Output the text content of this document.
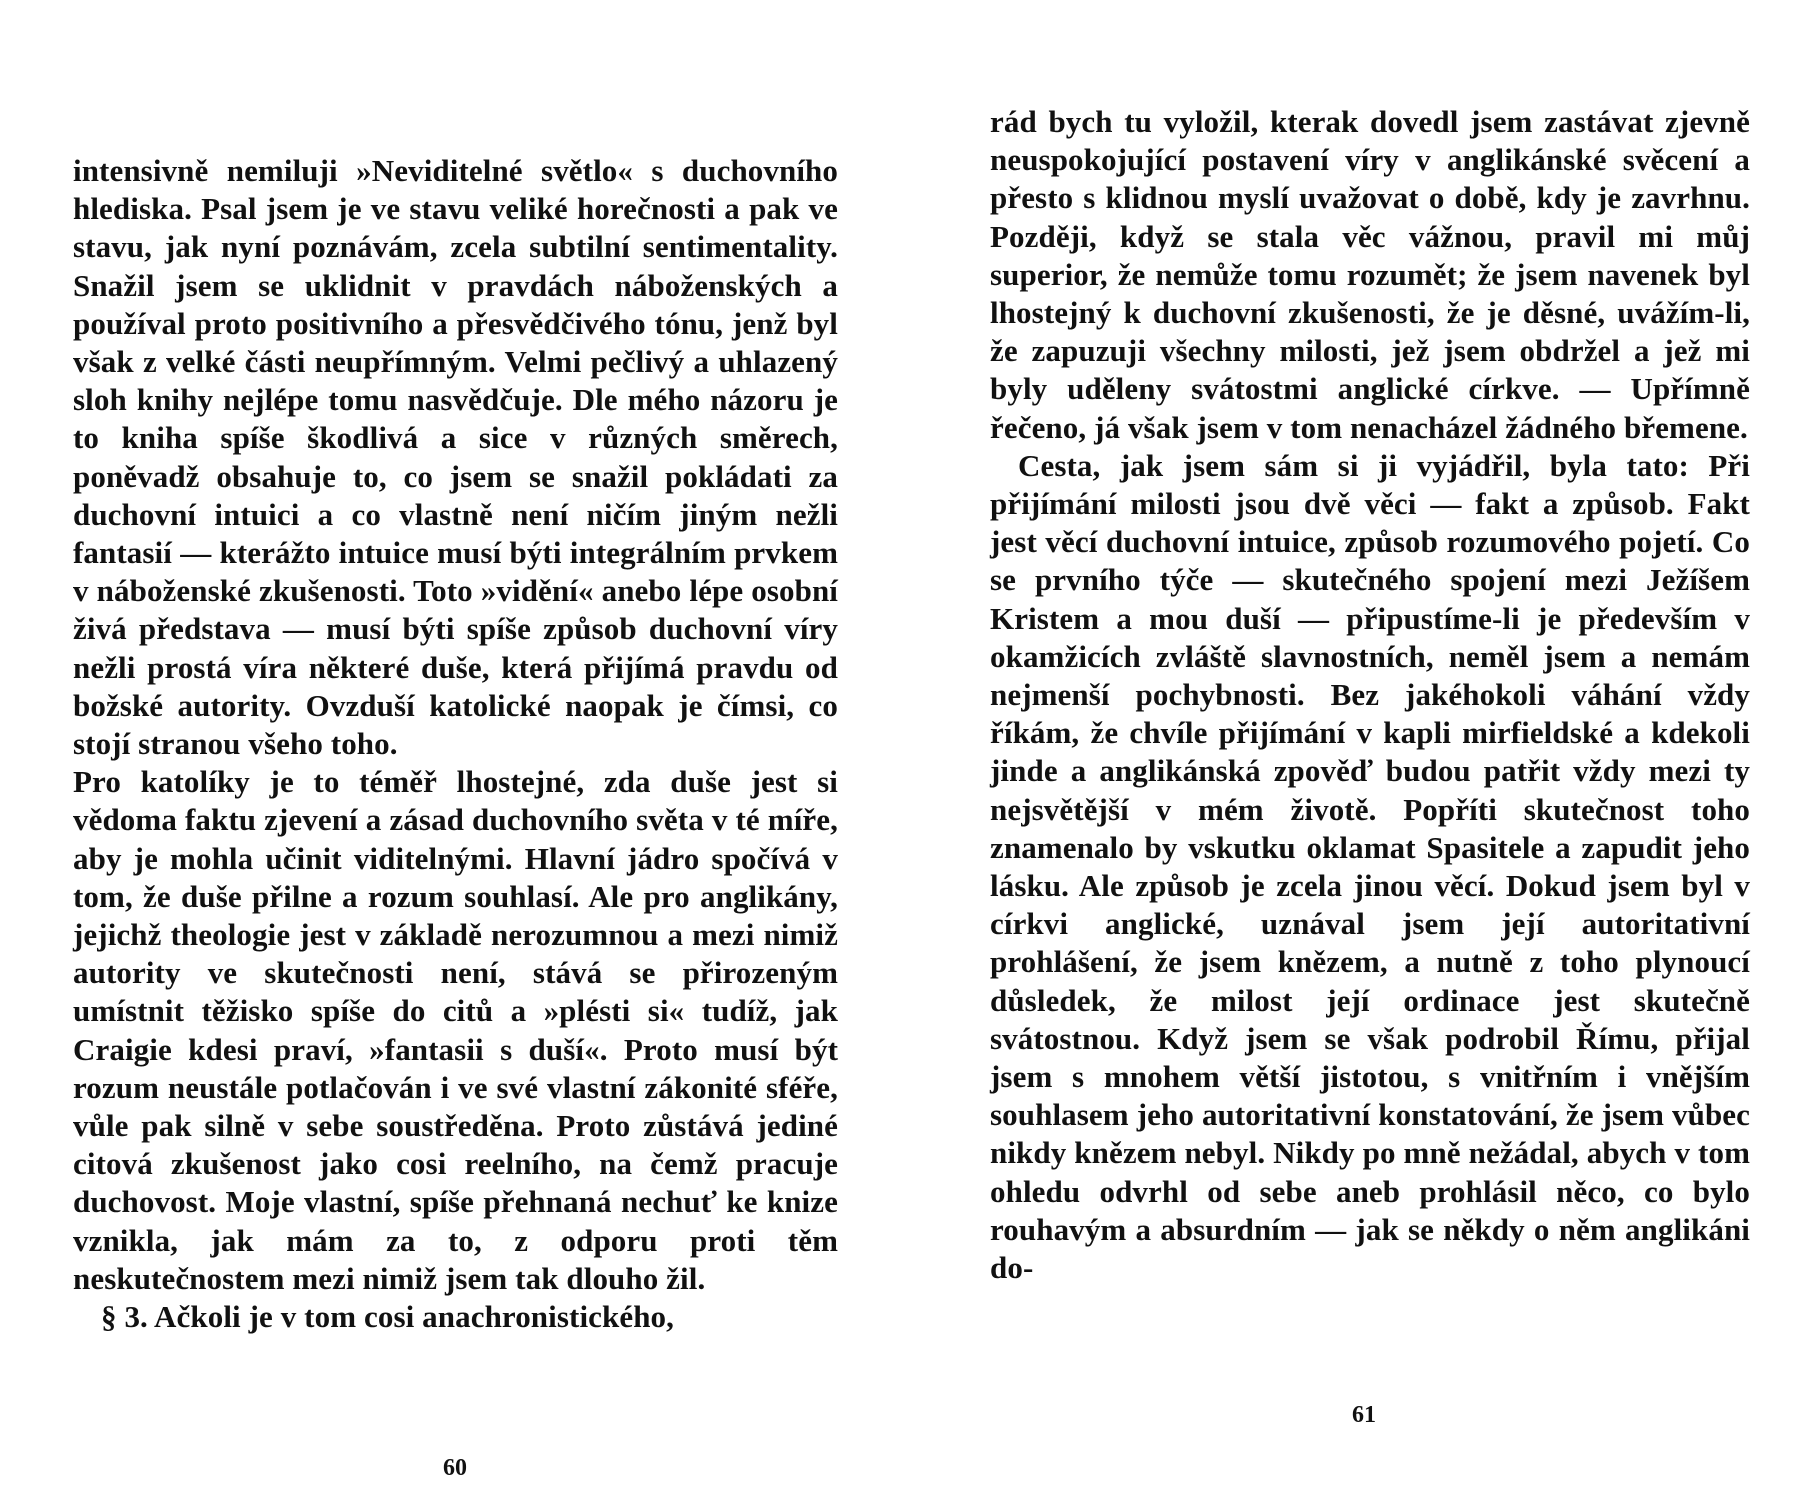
intensivně nemiluji »Neviditelné světlo« s duchovního hlediska. Psal jsem je ve stavu veliké horečnosti a pak ve stavu, jak nyní poznávám, zcela subtilní sentimentality. Snažil jsem se uklidnit v pravdách náboženských a používal proto positivního a přesvědčivého tónu, jenž byl však z velké části neupřímným. Velmi pečlivý a uhlazený sloh knihy nejlépe tomu nasvědčuje. Dle mého názoru je to kniha spíše škodlivá a sice v různých směrech, poněvadž obsahuje to, co jsem se snažil pokládati za duchovní intuici a co vlastně není ničím jiným nežli fantasií — kterážto intuice musí býti integrálním prvkem v náboženské zkušenosti. Toto »vidění« anebo lépe osobní živá představa — musí býti spíše způsob duchovní víry nežli prostá víra některé duše, která přijímá pravdu od božské autority. Ovzduší katolické naopak je čímsi, co stojí stranou všeho toho.

Pro katolíky je to téměř lhostejné, zda duše jest si vědoma faktu zjevení a zásad duchovního světa v té míře, aby je mohla učinit viditelnými. Hlavní jádro spočívá v tom, že duše přilne a rozum souhlasí. Ale pro anglikány, jejichž theologie jest v základě nerozumnou a mezi nimiž autority ve skutečnosti není, stává se přirozeným umístnit těžisko spíše do citů a »plésti si« tudíž, jak Craigie kdesi praví, »fantasii s duší«. Proto musí být rozum neustále potlačován i ve své vlastní zákonité sféře, vůle pak silně v sebe soustředěna. Proto zůstává jediné citová zkušenost jako cosi reelního, na čemž pracuje duchovost. Moje vlastní, spíše přehnaná nechuť ke knize vznikla, jak mám za to, z odporu proti těm neskutečnostem mezi nimiž jsem tak dlouho žil.

§ 3. Ačkoli je v tom cosi anachronistického,

60

rád bych tu vyložil, kterak dovedl jsem zastávat zjevně neuspokojující postavení víry v anglikánské svěcení a přesto s klidnou myslí uvažovat o době, kdy je zavrhnu. Později, když se stala věc vážnou, pravil mi můj superior, že nemůže tomu rozumět; že jsem navenek byl lhostejný k duchovní zkušenosti, že je děsné, uvážím-li, že zapuzuji všechny milosti, jež jsem obdržel a jež mi byly uděleny svátostmi anglické církve. — Upřímně řečeno, já však jsem v tom nenacházel žádného břemene.

Cesta, jak jsem sám si ji vyjádřil, byla tato: Při přijímání milosti jsou dvě věci — fakt a způsob. Fakt jest věcí duchovní intuice, způsob rozumového pojetí. Co se prvního týče — skutečného spojení mezi Ježíšem Kristem a mou duší — připustíme-li je především v okamžicích zvláště slavnostních, neměl jsem a nemám nejmenší pochybnosti. Bez jakéhokoli váhání vždy říkám, že chvíle přijímání v kapli mirfieldské a kdekoli jinde a anglikánská zpověď budou patřit vždy mezi ty nejsvětější v mém životě. Popříti skutečnost toho znamenalo by vskutku oklamat Spasitele a zapudit jeho lásku. Ale způsob je zcela jinou věcí. Dokud jsem byl v církvi anglické, uznával jsem její autoritativní prohlášení, že jsem knězem, a nutně z toho plynoucí důsledek, že milost její ordinace jest skutečně svátostnou. Když jsem se však podrobil Římu, přijal jsem s mnohem větší jistotou, s vnitřním i vnějším souhlasem jeho autoritativní konstatování, že jsem vůbec nikdy knězem nebyl. Nikdy po mně nežádal, abych v tom ohledu odvrhl od sebe aneb prohlásil něco, co bylo rouhavým a absurdním — jak se někdy o něm anglikáni do-

61
